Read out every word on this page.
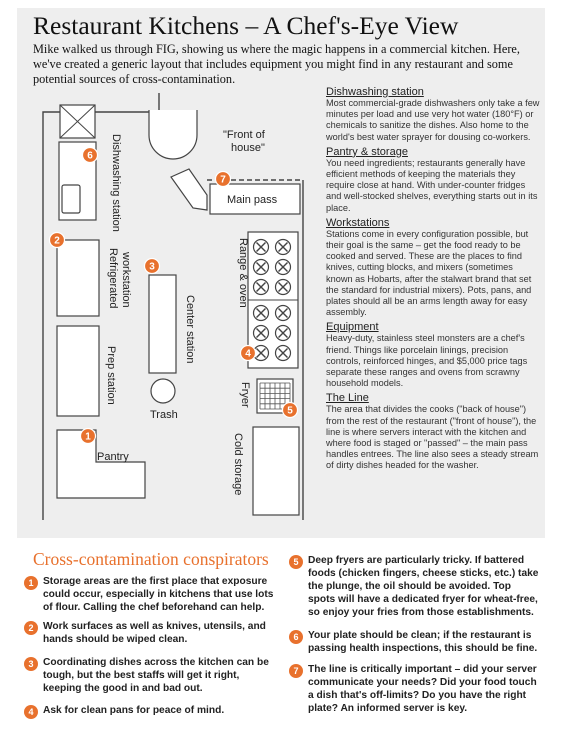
Restaurant Kitchens – A Chef's-Eye View

Mike walked us through FIG, showing us where the magic happens in a commercial kitchen. Here, we've created a generic layout that includes equipment you might find in any restaurant and some potential sources of cross-contamination.

Dishwashing station	"Front of
house"
Main pass
Refrigerated workstation
Prep station
Center station
Trash
Range & oven
Fryer
Pantry	Cold storage
6
7
2
3
4
5
1
Dishwashing station

Most commercial-grade dishwashers only take a few minutes per load and use very hot water (180°F) or chemicals to sanitize the dishes. Also home to the world's best water sprayer for dousing co-workers.

Pantry & storage

You need ingredients; restaurants generally have efficient methods of keeping the materials they require close at hand. With under-counter fridges and well-stocked shelves, everything starts out in its place.

Workstations

Stations come in every configuration possible, but their goal is the same – get the food ready to be cooked and served. These are the places to find knives, cutting blocks, and mixers (sometimes known as Hobarts, after the stalwart brand that set the standard for industrial mixers). Pots, pans, and plates should all be an arms length away for easy assembly.

Equipment

Heavy-duty, stainless steel monsters are a chef's friend. Things like porcelain linings, precision controls, reinforced hinges, and $5,000 price tags separate these ranges and ovens from scrawny household models.

The Line

The area that divides the cooks ("back of house") from the rest of the restaurant ("front of house"), the line is where servers interact with the kitchen and where food is staged or "passed" – the main pass handles entrees. The line also sees a steady stream of dirty dishes headed for the washer.

Cross-contamination conspirators
1 Storage areas are the first place that exposure could occur, especially in kitchens that use lots of flour. Calling the chef beforehand can help.
2 Work surfaces as well as knives, utensils, and hands should be wiped clean.
3 Coordinating dishes across the kitchen can be tough, but the best staffs will get it right, keeping the good in and bad out.
4 Ask for clean pans for peace of mind.
5 Deep fryers are particularly tricky. If battered foods (chicken fingers, cheese sticks, etc.) take the plunge, the oil should be avoided. Top spots will have a dedicated fryer for wheat-free, so enjoy your fries from those establishments.
6 Your plate should be clean; if the restaurant is passing health inspections, this should be fine.
7 The line is critically important – did your server communicate your needs? Did your food touch a dish that's off-limits? Do you have the right plate? An informed server is key.
